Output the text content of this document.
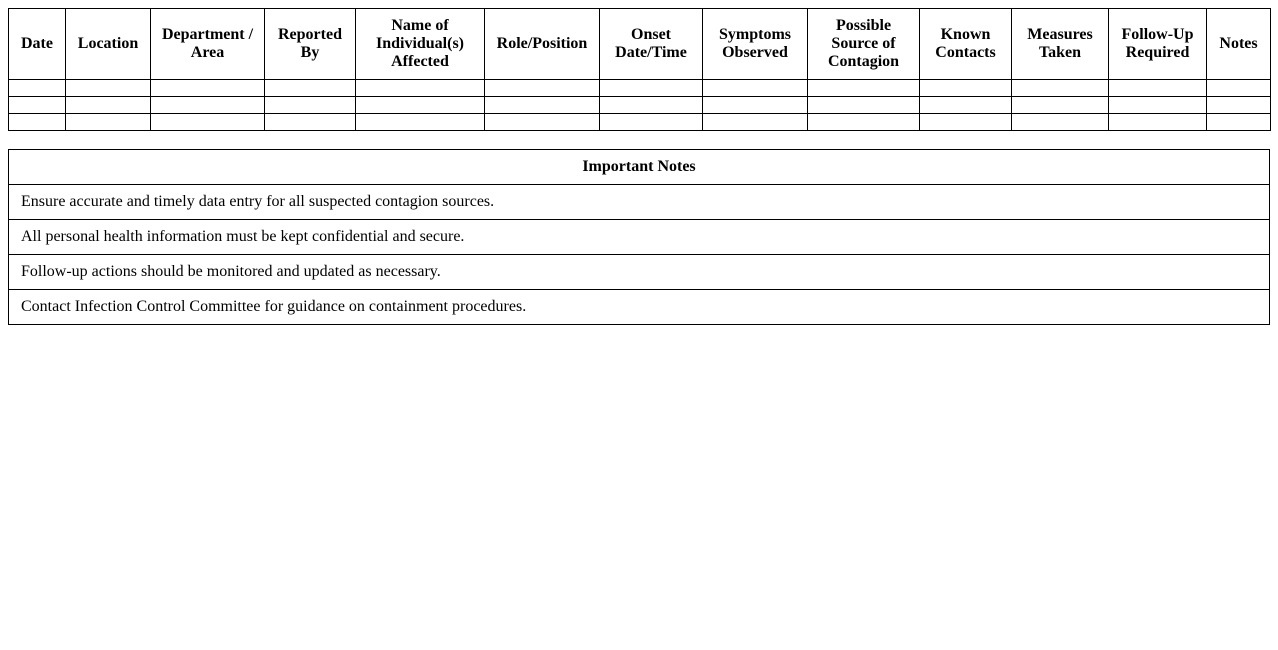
Date	Location	Department / Area	Reported By	Name of Individual(s) Affected	Role/Position	Onset Date/Time	Symptoms Observed	Possible Source of Contagion	Known Contacts	Measures Taken	Follow-Up Required	Notes

Important Notes
Ensure accurate and timely data entry for all suspected contagion sources.
All personal health information must be kept confidential and secure.
Follow-up actions should be monitored and updated as necessary.
Contact Infection Control Committee for guidance on containment procedures.
